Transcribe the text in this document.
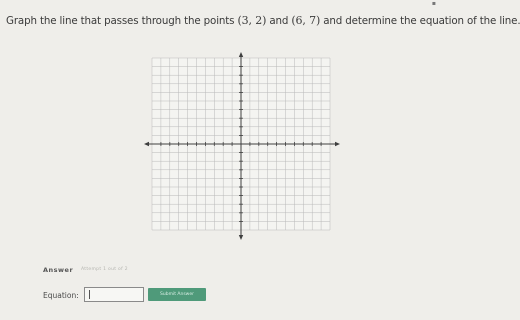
▪
Graph the line that passes through the points (3, 2) and (6, 7) and determine the equation of the line.
Answer Attempt 1 out of 2
Equation:	Submit Answer
